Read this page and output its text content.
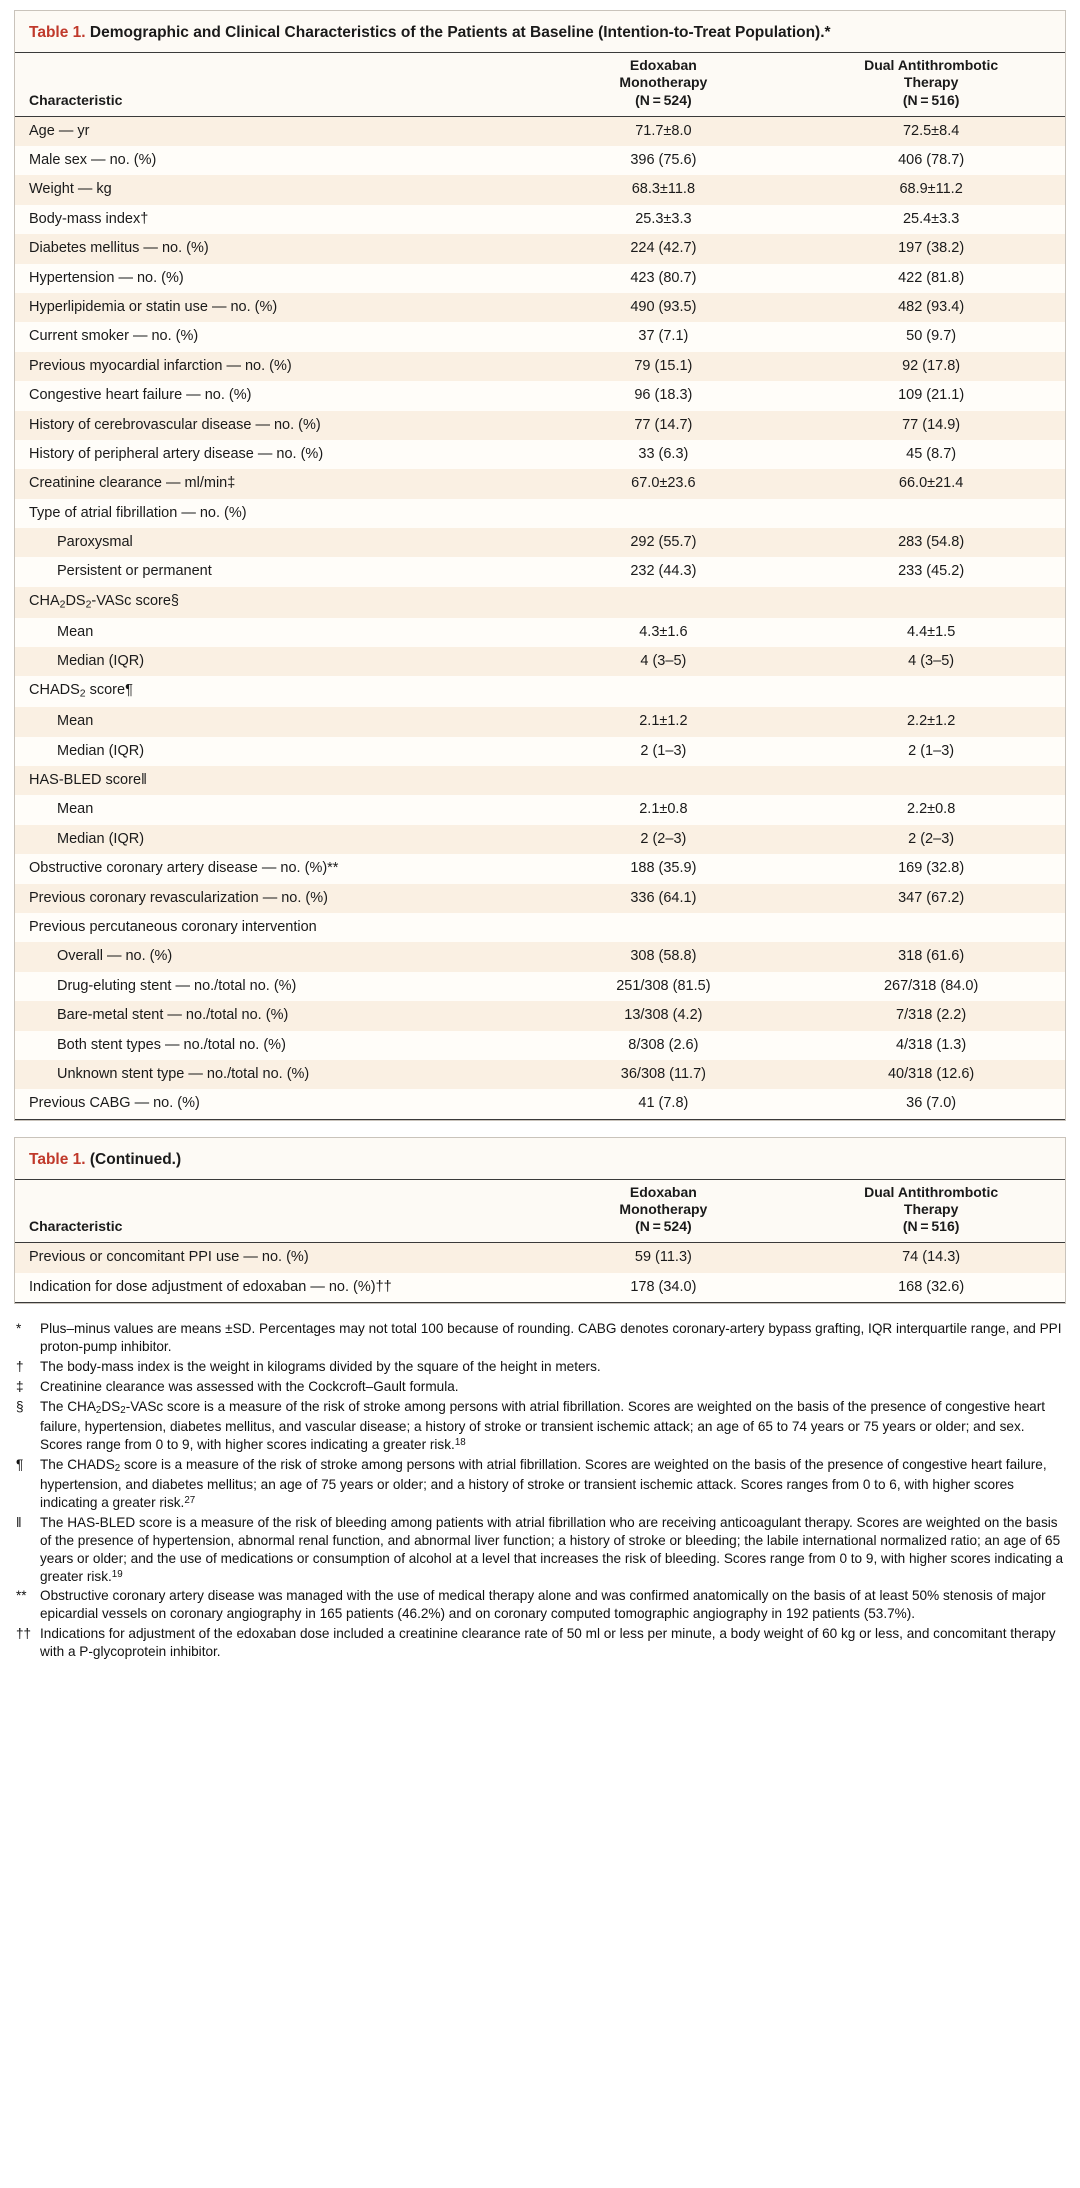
Table 1. Demographic and Clinical Characteristics of the Patients at Baseline (Intention-to-Treat Population).*

Characteristic	
Edoxaban
Monotherapy
(N = 524)

Dual Antithrombotic
Therapy
(N = 516)

Age — yr	71.7±8.0	72.5±8.4
Male sex — no. (%)	396 (75.6)	406 (78.7)
Weight — kg	68.3±11.8	68.9±11.2
Body-mass index†	25.3±3.3	25.4±3.3
Diabetes mellitus — no. (%)	224 (42.7)	197 (38.2)
Hypertension — no. (%)	423 (80.7)	422 (81.8)
Hyperlipidemia or statin use — no. (%)	490 (93.5)	482 (93.4)
Current smoker — no. (%)	37 (7.1)	50 (9.7)
Previous myocardial infarction — no. (%)	79 (15.1)	92 (17.8)
Congestive heart failure — no. (%)	96 (18.3)	109 (21.1)
History of cerebrovascular disease — no. (%)	77 (14.7)	77 (14.9)
History of peripheral artery disease — no. (%)	33 (6.3)	45 (8.7)
Creatinine clearance — ml/min‡	67.0±23.6	66.0±21.4
Type of atrial fibrillation — no. (%)		
Paroxysmal	292 (55.7)	283 (54.8)
Persistent or permanent	232 (44.3)	233 (45.2)
$CHA_2DS_2$-VASc score§		
Mean	4.3±1.6	4.4±1.5
Median (IQR)	4 (3–5)	4 (3–5)
$CHADS_2$ score¶		
Mean	2.1±1.2	2.2±1.2
Median (IQR)	2 (1–3)	2 (1–3)
HAS-BLED score‖		
Mean	2.1±0.8	2.2±0.8
Median (IQR)	2 (2–3)	2 (2–3)
Obstructive coronary artery disease — no. (%)**	188 (35.9)	169 (32.8)
Previous coronary revascularization — no. (%)	336 (64.1)	347 (67.2)
Previous percutaneous coronary intervention		
Overall — no. (%)	308 (58.8)	318 (61.6)
Drug-eluting stent — no./total no. (%)	251/308 (81.5)	267/318 (84.0)
Bare-metal stent — no./total no. (%)	13/308 (4.2)	7/318 (2.2)
Both stent types — no./total no. (%)	8/308 (2.6)	4/318 (1.3)
Unknown stent type — no./total no. (%)	36/308 (11.7)	40/318 (12.6)
Previous CABG — no. (%)	41 (7.8)	36 (7.0)
Table 1. (Continued.)

Characteristic	
Edoxaban
Monotherapy
(N = 524)

Dual Antithrombotic
Therapy
(N = 516)

Previous or concomitant PPI use — no. (%)	59 (11.3)	74 (14.3)
Indication for dose adjustment of edoxaban — no. (%)††	178 (34.0)	168 (32.6)
*	Plus–minus values are means ±SD. Percentages may not total 100 because of rounding. CABG denotes coronary-artery bypass grafting, IQR interquartile range, and PPI proton-pump inhibitor.
†	The body-mass index is the weight in kilograms divided by the square of the height in meters.
‡	Creatinine clearance was assessed with the Cockcroft–Gault formula.
§	The $CHA_2DS_2$-VASc score is a measure of the risk of stroke among persons with atrial fibrillation. Scores are weighted on the basis of the presence of congestive heart failure, hypertension, diabetes mellitus, and vascular disease; a history of stroke or transient ischemic attack; an age of 65 to 74 years or 75 years or older; and sex. Scores range from 0 to 9, with higher scores indicating a greater risk.$^{18}$
¶	The $CHADS_2$ score is a measure of the risk of stroke among persons with atrial fibrillation. Scores are weighted on the basis of the presence of congestive heart failure, hypertension, and diabetes mellitus; an age of 75 years or older; and a history of stroke or transient ischemic attack. Scores ranges from 0 to 6, with higher scores indicating a greater risk.$^{27}$
‖	The HAS-BLED score is a measure of the risk of bleeding among patients with atrial fibrillation who are receiving anticoagulant therapy. Scores are weighted on the basis of the presence of hypertension, abnormal renal function, and abnormal liver function; a history of stroke or bleeding; the labile international normalized ratio; an age of 65 years or older; and the use of medications or consumption of alcohol at a level that increases the risk of bleeding. Scores range from 0 to 9, with higher scores indicating a greater risk.$^{19}$
** Obstructive coronary artery disease was managed with the use of medical therapy alone and was confirmed anatomically on the basis of at least 50% stenosis of major epicardial vessels on coronary angiography in 165 patients (46.2%) and on coronary computed tomographic angiography in 192 patients (53.7%).
†† Indications for adjustment of the edoxaban dose included a creatinine clearance rate of 50 ml or less per minute, a body weight of 60 kg or less, and concomitant therapy with a P-glycoprotein inhibitor.
